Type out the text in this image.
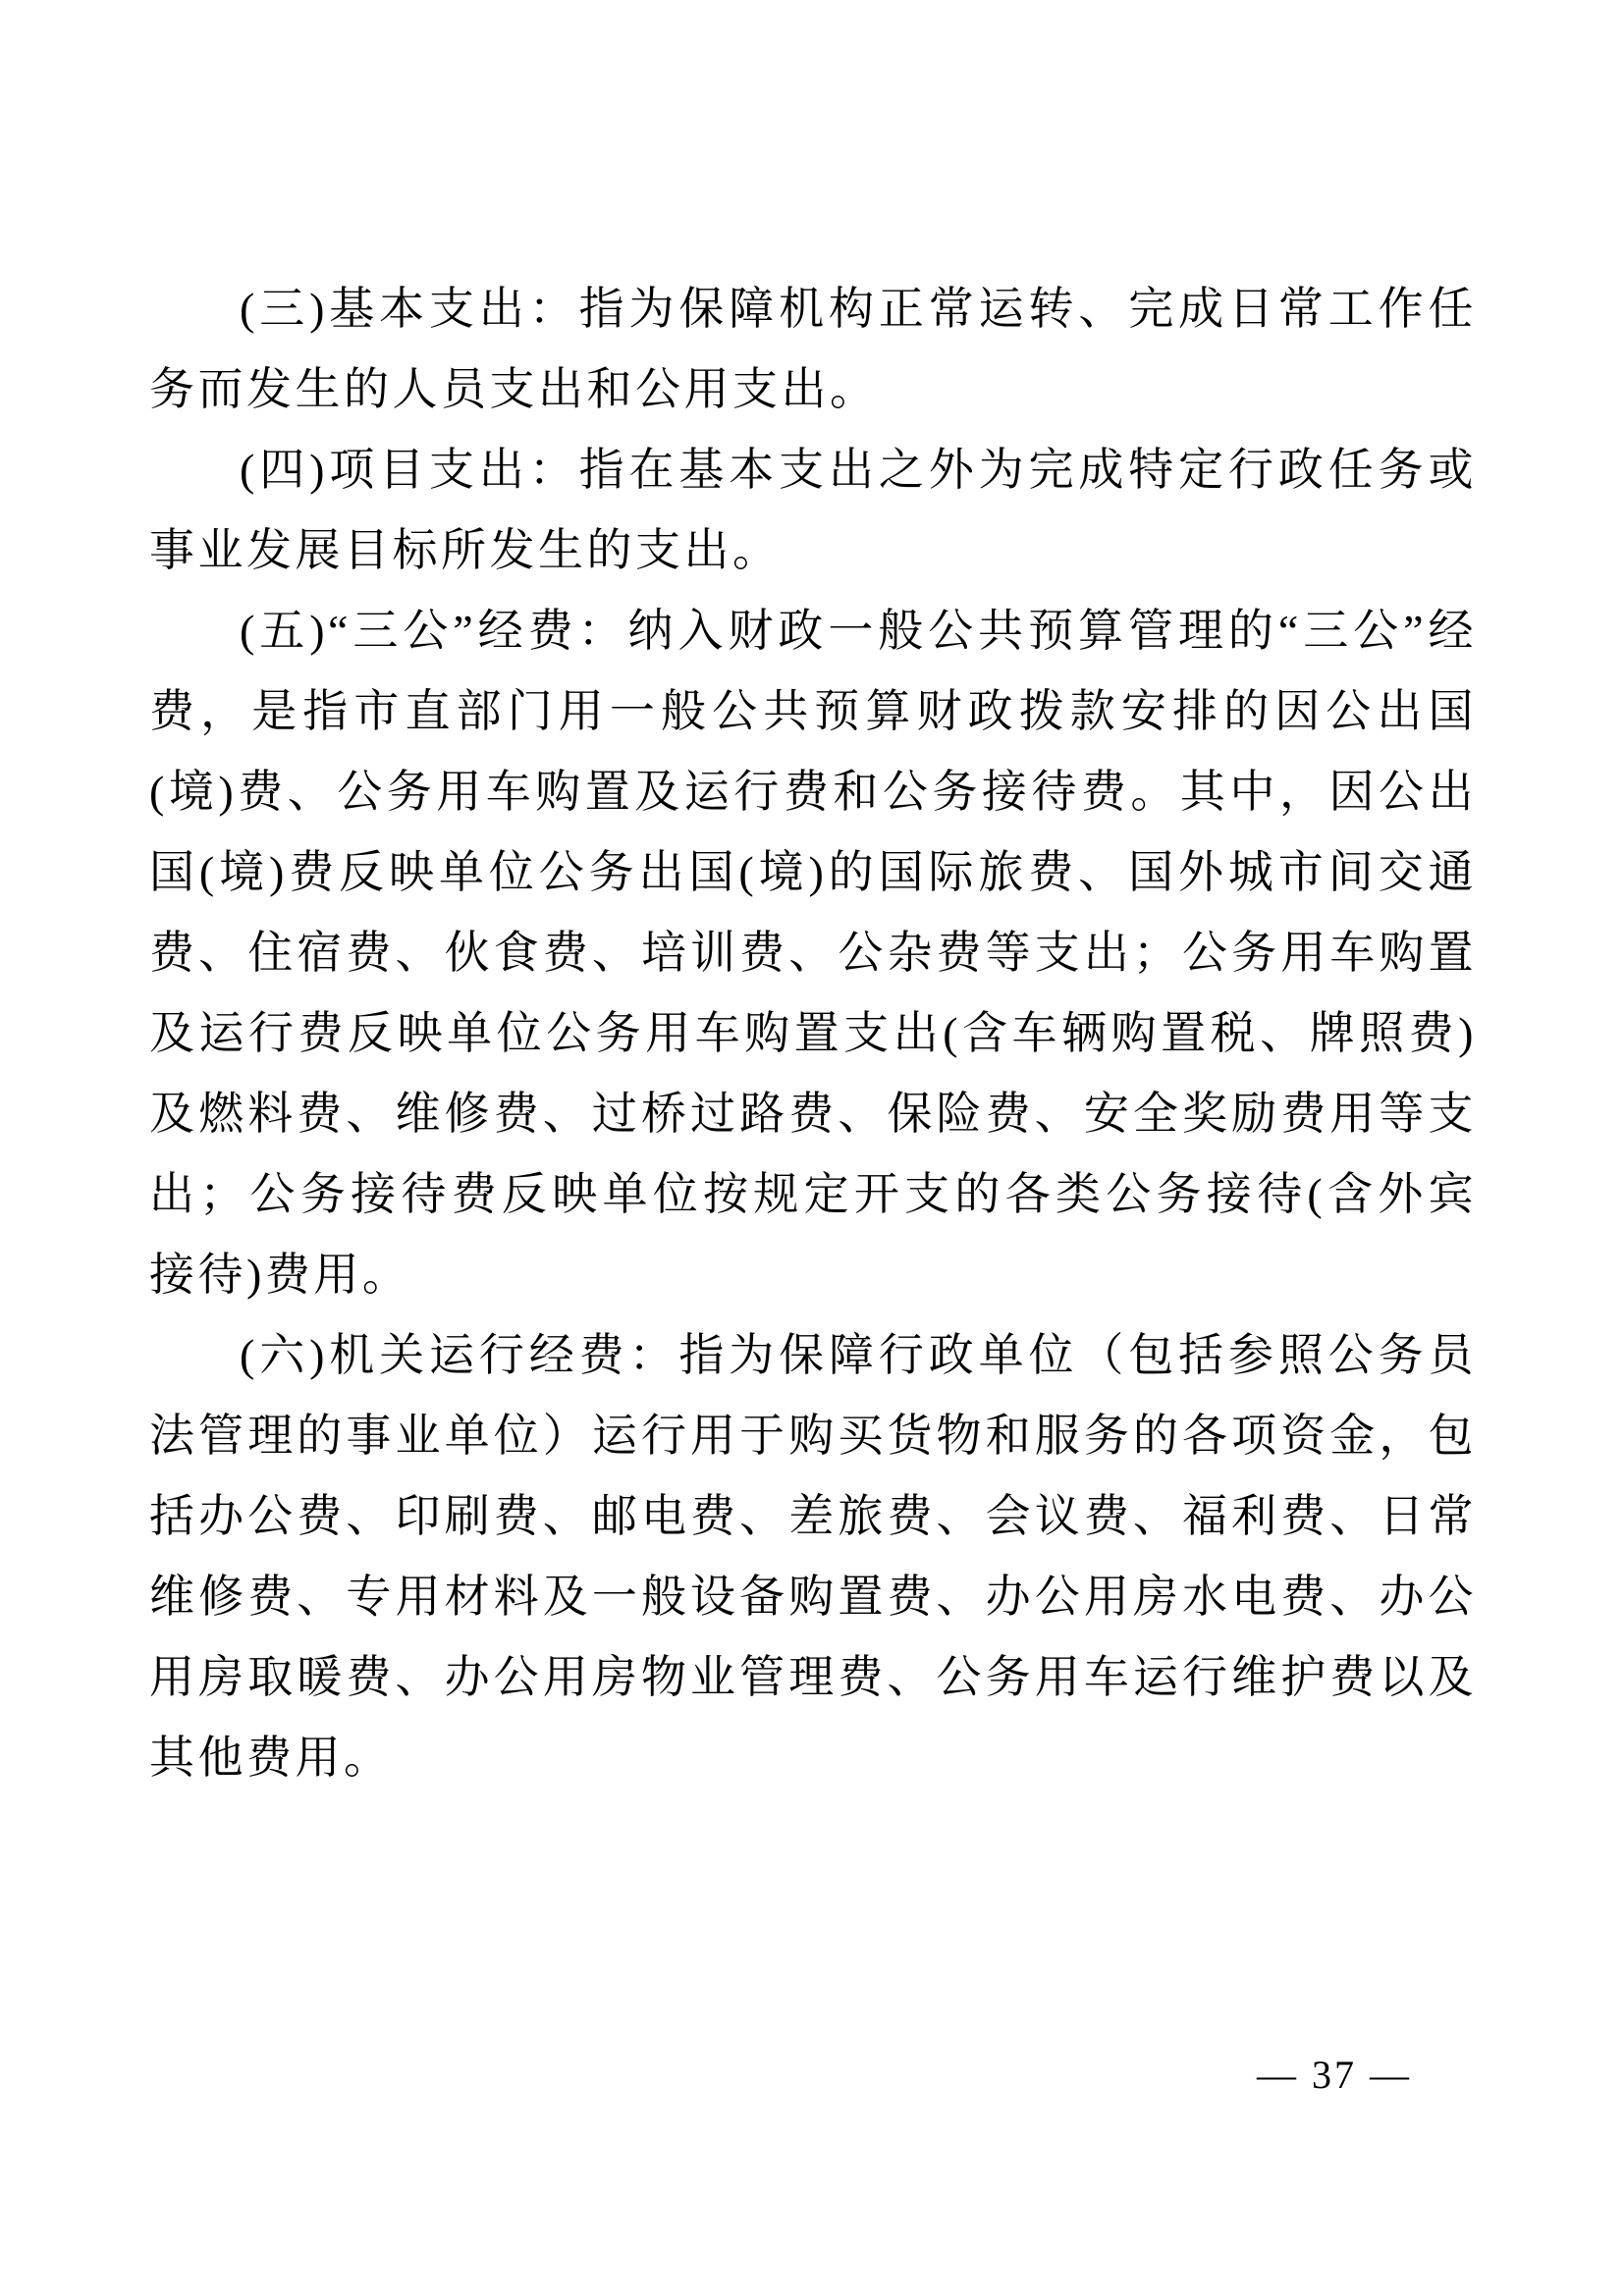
(三)基本支出：指为保障机构正常运转、完成日常工作任务而发生的人员支出和公用支出。

(四)项目支出：指在基本支出之外为完成特定行政任务或事业发展目标所发生的支出。

(五)“三公”经费：纳入财政一般公共预算管理的“三公”经费，是指市直部门用一般公共预算财政拨款安排的因公出国(境)费、公务用车购置及运行费和公务接待费。其中，因公出国(境)费反映单位公务出国(境)的国际旅费、国外城市间交通费、住宿费、伙食费、培训费、公杂费等支出；公务用车购置及运行费反映单位公务用车购置支出(含车辆购置税、牌照费)及燃料费、维修费、过桥过路费、保险费、安全奖励费用等支出；公务接待费反映单位按规定开支的各类公务接待(含外宾接待)费用。

(六)机关运行经费：指为保障行政单位（包括参照公务员法管理的事业单位）运行用于购买货物和服务的各项资金，包括办公费、印刷费、邮电费、差旅费、会议费、福利费、日常维修费、专用材料及一般设备购置费、办公用房水电费、办公用房取暖费、办公用房物业管理费、公务用车运行维护费以及其他费用。

— 37 —
